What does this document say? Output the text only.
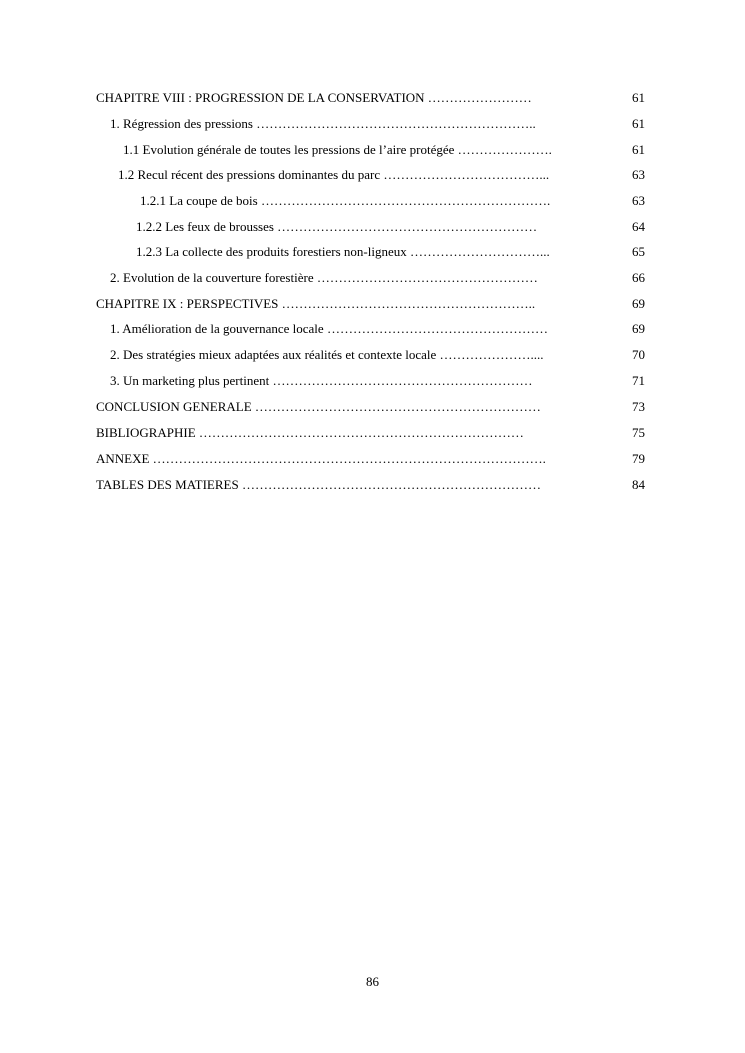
CHAPITRE VIII : PROGRESSION DE LA CONSERVATION ……………………	61
1. Régression des pressions ………………………………………………………..	61
1.1 Evolution générale de toutes les pressions de l’aire protégée ………………….	61
1.2 Recul récent des pressions dominantes du parc ………………………………...	63
1.2.1 La coupe de bois ………………………………………………………….	63
1.2.2 Les feux de brousses ……………………………………………………	64
1.2.3 La collecte des produits forestiers non-ligneux …………………………...	65
2. Evolution de la couverture forestière ……………………………………………	66
CHAPITRE IX : PERSPECTIVES …………………………………………………..	69
1. Amélioration de la gouvernance locale ……………………………………………	69
2. Des stratégies mieux adaptées aux réalités et contexte locale …………………....	70
3. Un marketing plus pertinent ……………………………………………………	71
CONCLUSION GENERALE …………………………………………………………	73
BIBLIOGRAPHIE …………………………………………………………………	75
ANNEXE ……………………………………………………………………………….	79
TABLES DES MATIERES ……………………………………………………………	84
86
